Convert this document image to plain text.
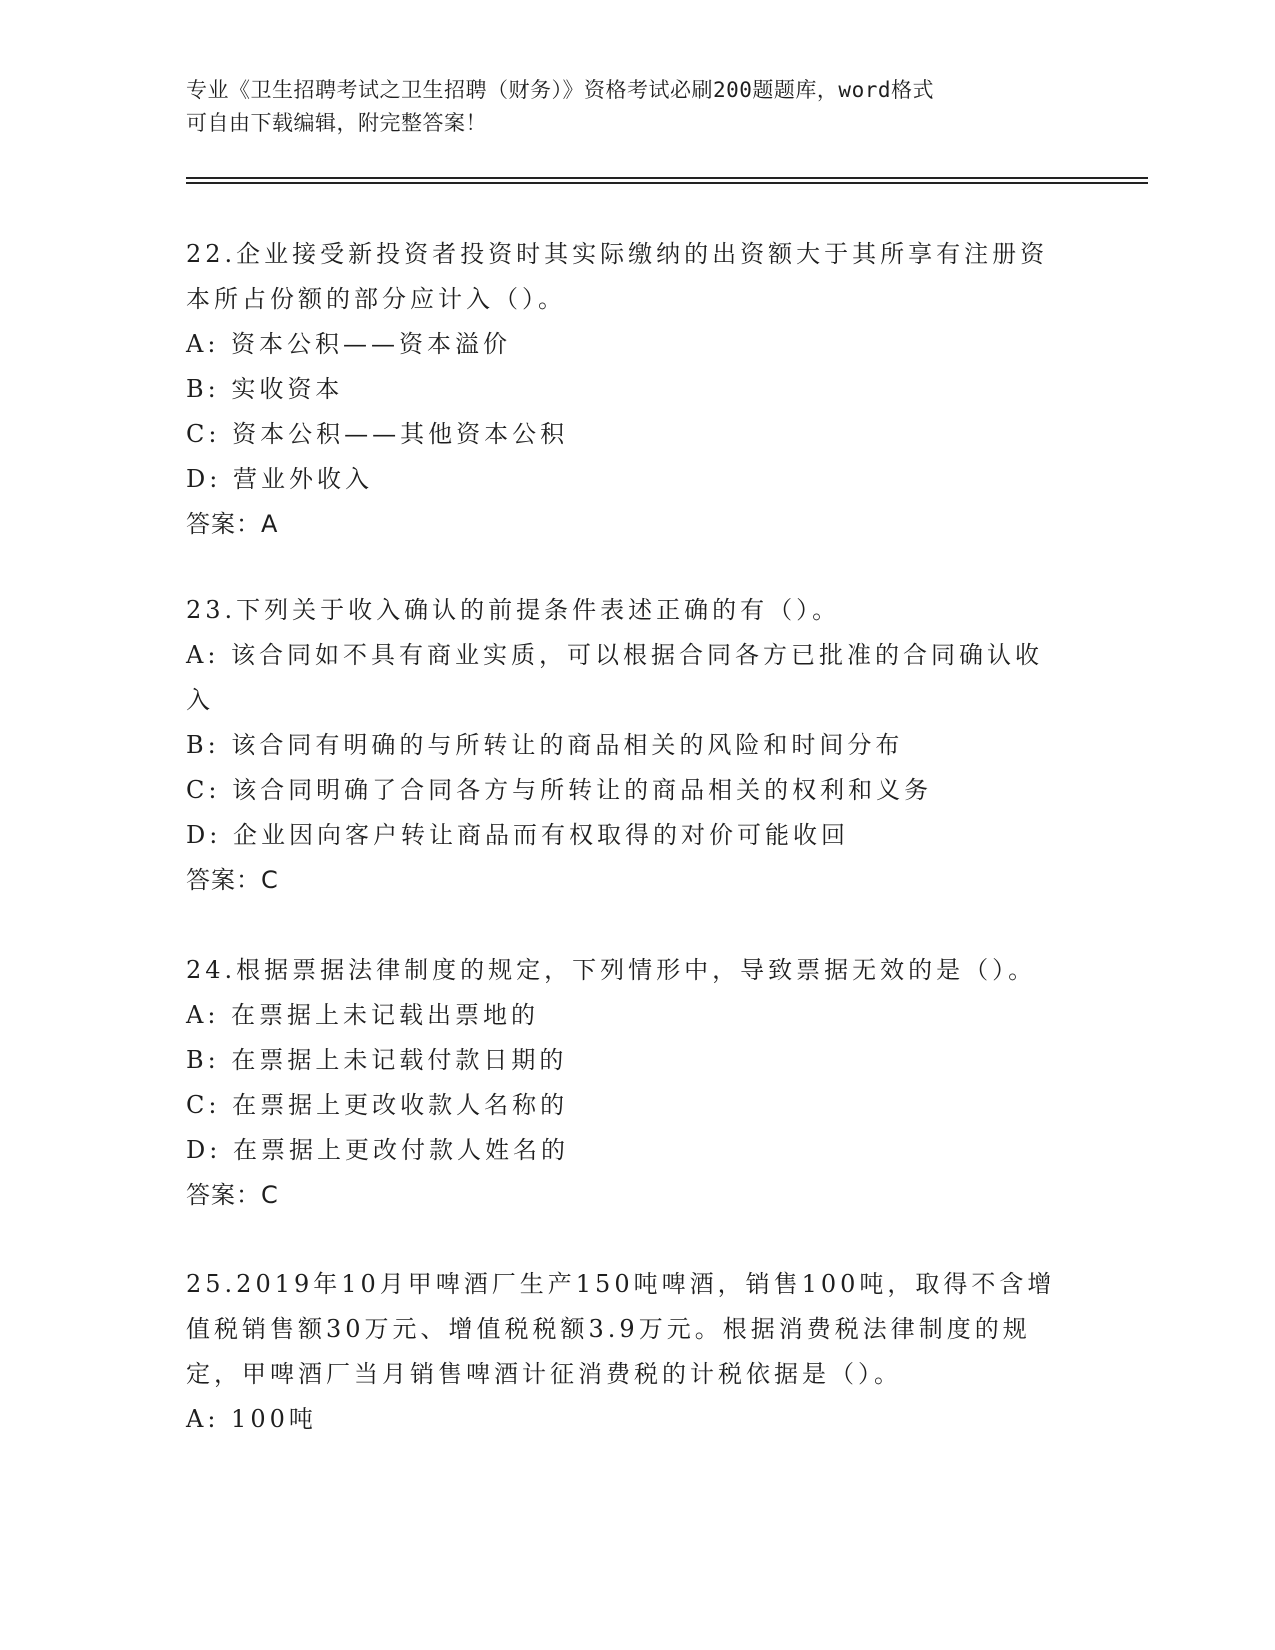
专业《卫生招聘考试之卫生招聘（财务）》资格考试必刷200题题库，word格式
可自由下载编辑，附完整答案！
22.企业接受新投资者投资时其实际缴纳的出资额大于其所享有注册资
本所占份额的部分应计入（）。
A: 资本公积——资本溢价
B: 实收资本
C: 资本公积——其他资本公积
D: 营业外收入
答案：A
23.下列关于收入确认的前提条件表述正确的有（）。
A: 该合同如不具有商业实质，可以根据合同各方已批准的合同确认收
入
B: 该合同有明确的与所转让的商品相关的风险和时间分布
C: 该合同明确了合同各方与所转让的商品相关的权利和义务
D: 企业因向客户转让商品而有权取得的对价可能收回
答案：C
24.根据票据法律制度的规定，下列情形中，导致票据无效的是（）。
A: 在票据上未记载出票地的
B: 在票据上未记载付款日期的
C: 在票据上更改收款人名称的
D: 在票据上更改付款人姓名的
答案：C
25.2019年10月甲啤酒厂生产150吨啤酒，销售100吨，取得不含增
值税销售额30万元、增值税税额3.9万元。根据消费税法律制度的规
定，甲啤酒厂当月销售啤酒计征消费税的计税依据是（）。
A: 100吨
